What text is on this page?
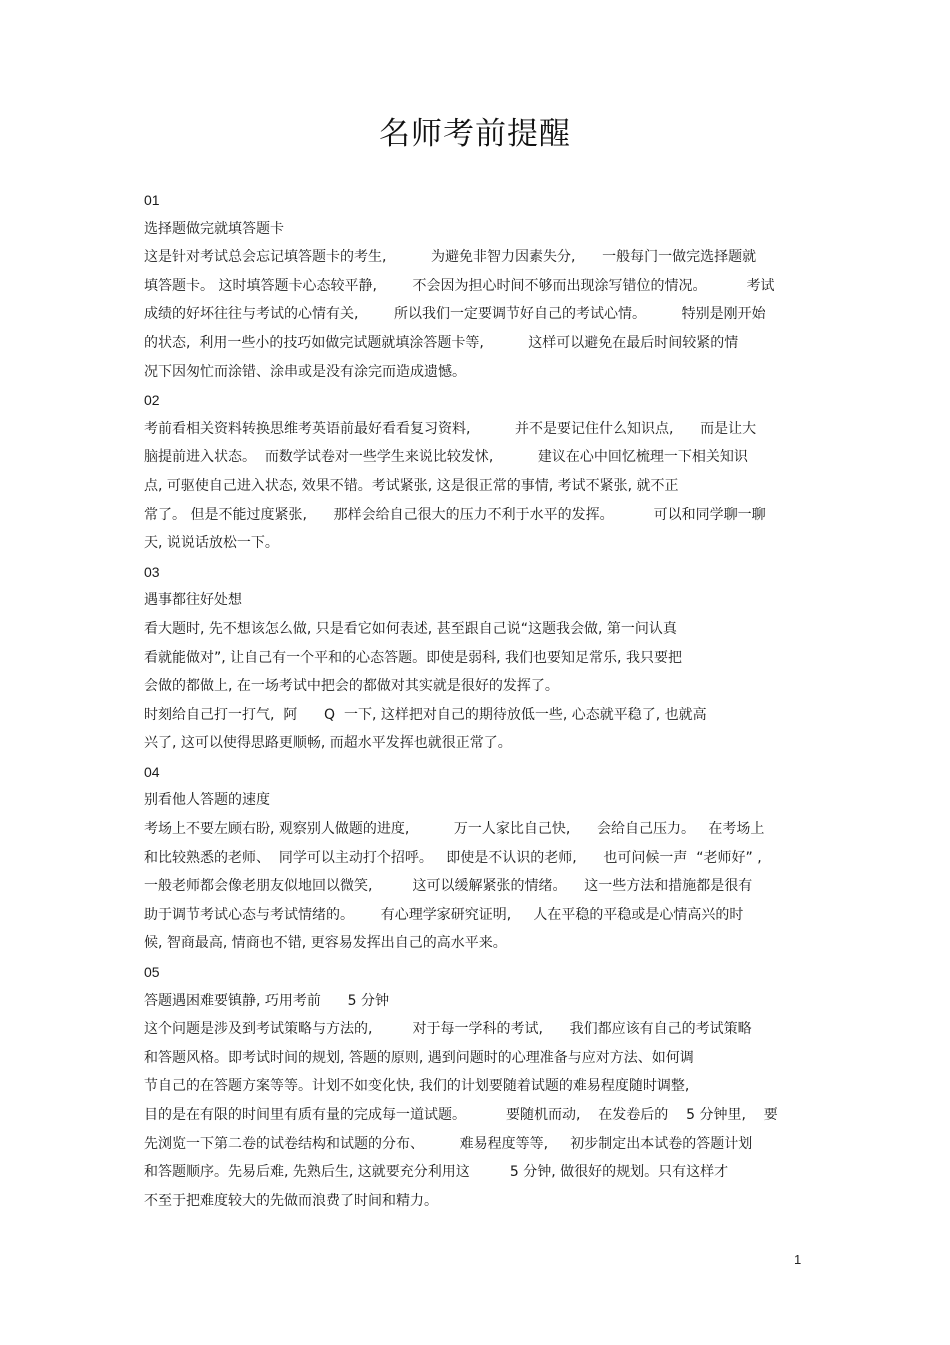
名师考前提醒
01
选择题做完就填答题卡
这是针对考试总会忘记填答题卡的考生,          为避免非智力因素失分,      一般每门一做完选择题就
填答题卡。 这时填答题卡心态较平静,        不会因为担心时间不够而出现涂写错位的情况。         考试
成绩的好坏往往与考试的心情有关,        所以我们一定要调节好自己的考试心情。        特别是刚开始
的状态,  利用一些小的技巧如做完试题就填涂答题卡等,          这样可以避免在最后时间较紧的情
况下因匆忙而涂错、涂串或是没有涂完而造成遗憾。
02
考前看相关资料转换思维考英语前最好看看复习资料,          并不是要记住什么知识点,      而是让大
脑提前进入状态。  而数学试卷对一些学生来说比较发怵,          建议在心中回忆梳理一下相关知识
点, 可驱使自己进入状态, 效果不错。考试紧张, 这是很正常的事情, 考试不紧张, 就不正
常了。 但是不能过度紧张,      那样会给自己很大的压力不利于水平的发挥。         可以和同学聊一聊
天, 说说话放松一下。
03
遇事都往好处想
看大题时, 先不想该怎么做, 只是看它如何表述, 甚至跟自己说“这题我会做, 第一问认真
看就能做对”, 让自己有一个平和的心态答题。即使是弱科, 我们也要知足常乐, 我只要把
会做的都做上, 在一场考试中把会的都做对其实就是很好的发挥了。
时刻给自己打一打气,  阿      Q  一下, 这样把对自己的期待放低一些, 心态就平稳了, 也就高
兴了, 这可以使得思路更顺畅, 而超水平发挥也就很正常了。
04
别看他人答题的速度
考场上不要左顾右盼, 观察别人做题的进度,          万一人家比自己快,      会给自己压力。   在考场上
和比较熟悉的老师、  同学可以主动打个招呼。   即使是不认识的老师,      也可问候一声  “老师好” ,
一般老师都会像老朋友似地回以微笑,         这可以缓解紧张的情绪。    这一些方法和措施都是很有
助于调节考试心态与考试情绪的。      有心理学家研究证明,     人在平稳的平稳或是心情高兴的时
候, 智商最高, 情商也不错, 更容易发挥出自己的高水平来。
05
答题遇困难要镇静, 巧用考前      5 分钟
这个问题是涉及到考试策略与方法的,         对于每一学科的考试,      我们都应该有自己的考试策略
和答题风格。即考试时间的规划, 答题的原则, 遇到问题时的心理准备与应对方法、如何调
节自己的在答题方案等等。计划不如变化快, 我们的计划要随着试题的难易程度随时调整,
目的是在有限的时间里有质有量的完成每一道试题。         要随机而动,    在发卷后的    5 分钟里,    要
先浏览一下第二卷的试卷结构和试题的分布、        难易程度等等,     初步制定出本试卷的答题计划
和答题顺序。先易后难, 先熟后生, 这就要充分利用这         5 分钟, 做很好的规划。只有这样才
不至于把难度较大的先做而浪费了时间和精力。
1
